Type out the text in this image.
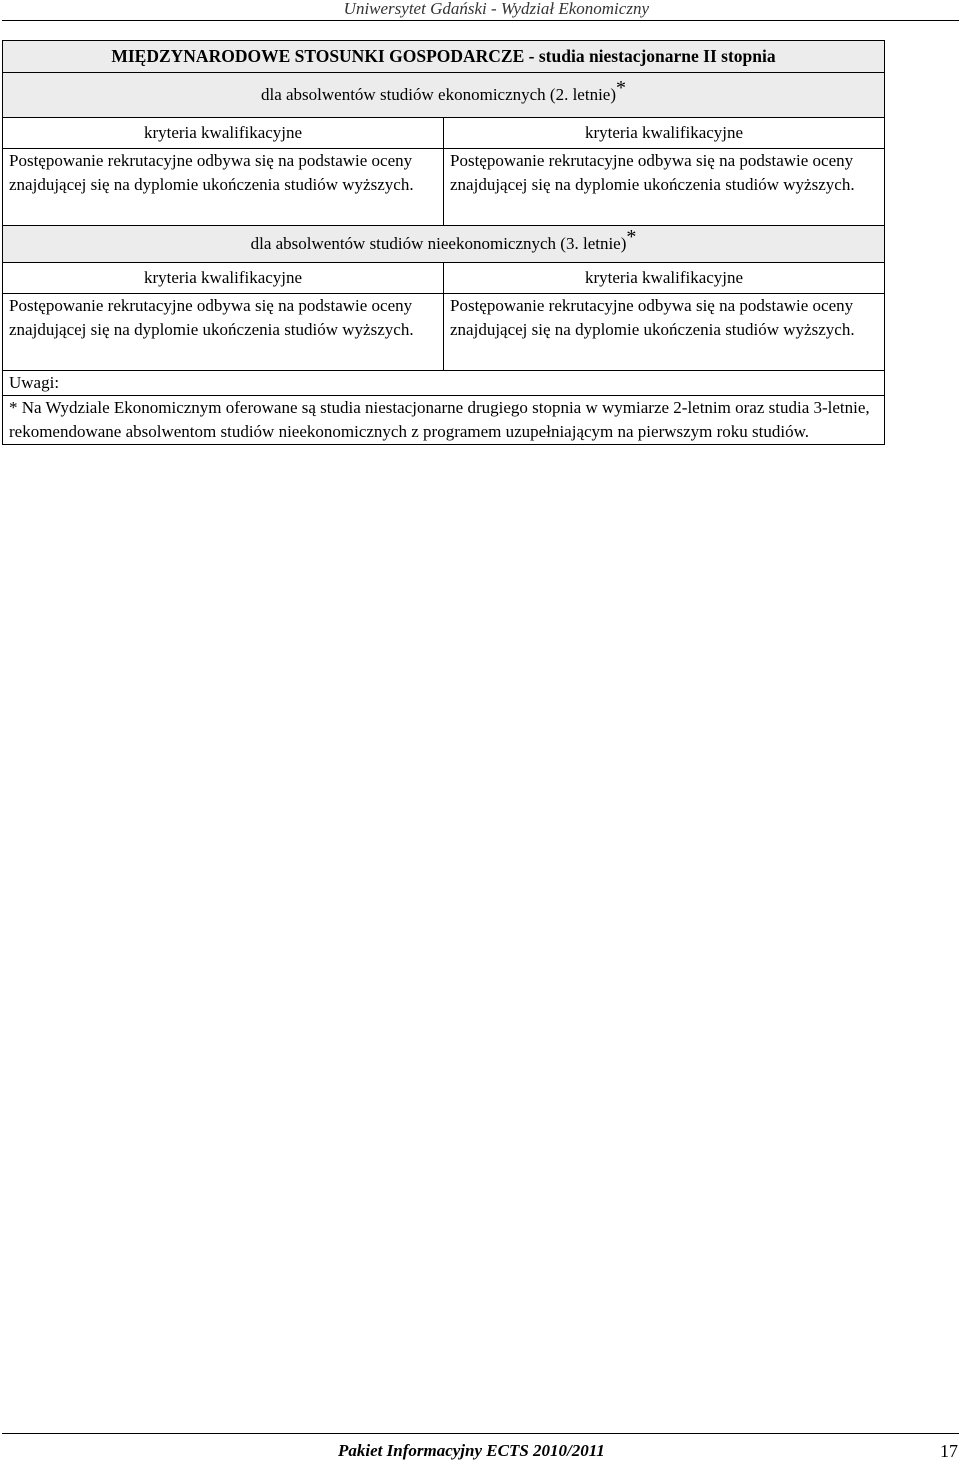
Uniwersytet Gdański - Wydział Ekonomiczny
MIĘDZYNARODOWE STOSUNKI GOSPODARCZE - studia niestacjonarne II stopnia	
dla absolwentów studiów ekonomicznych (2. letnie)*	
kryteria kwalifikacyjne	kryteria kwalifikacyjne
Postępowanie rekrutacyjne odbywa się na podstawie oceny znajdującej się na dyplomie ukończenia studiów wyższych.	Postępowanie rekrutacyjne odbywa się na podstawie oceny znajdującej się na dyplomie ukończenia studiów wyższych.
dla absolwentów studiów nieekonomicznych (3. letnie)*	
kryteria kwalifikacyjne	kryteria kwalifikacyjne
Postępowanie rekrutacyjne odbywa się na podstawie oceny znajdującej się na dyplomie ukończenia studiów wyższych.	Postępowanie rekrutacyjne odbywa się na podstawie oceny znajdującej się na dyplomie ukończenia studiów wyższych.
Uwagi:	
* Na Wydziale Ekonomicznym oferowane są studia niestacjonarne drugiego stopnia w wymiarze 2-letnim oraz studia 3-letnie, rekomendowane absolwentom studiów nieekonomicznych z programem uzupełniającym na pierwszym roku studiów.	
Pakiet Informacyjny ECTS 2010/2011	17
